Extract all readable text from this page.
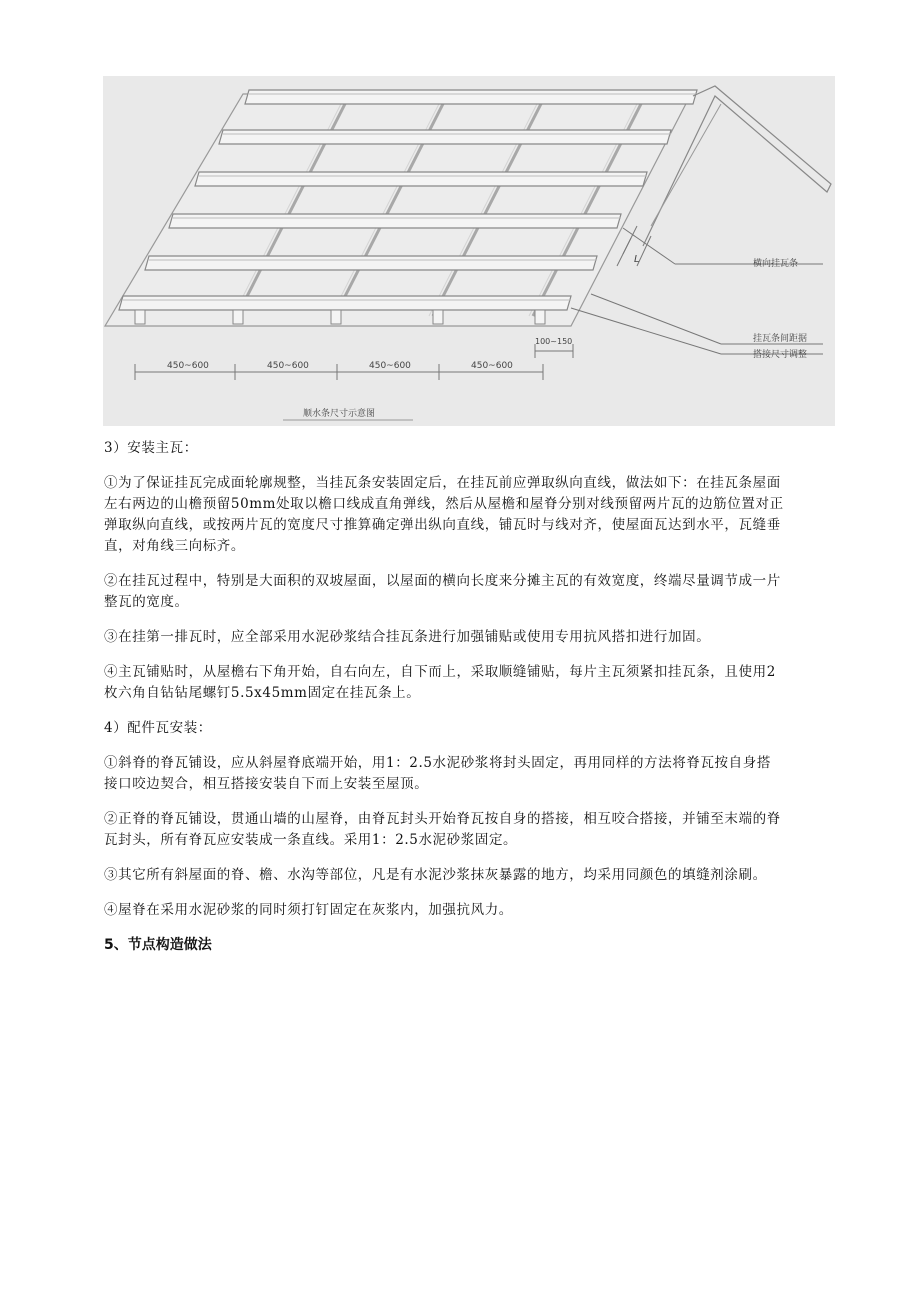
L	横向挂瓦条
挂瓦条间距据
搭接尺寸调整
450~600	450~600	450~600	450~600
100~150
顺水条尺寸示意图

3）安装主瓦：

①为了保证挂瓦完成面轮廓规整，当挂瓦条安装固定后，在挂瓦前应弹取纵向直线，做法如下：在挂瓦条屋面

左右两边的山檐预留50mm处取以檐口线成直角弹线，然后从屋檐和屋脊分别对线预留两片瓦的边筋位置对正

弹取纵向直线，或按两片瓦的宽度尺寸推算确定弹出纵向直线，铺瓦时与线对齐，使屋面瓦达到水平，瓦缝垂

直，对角线三向标齐。

②在挂瓦过程中，特别是大面积的双坡屋面，以屋面的横向长度来分摊主瓦的有效宽度，终端尽量调节成一片

整瓦的宽度。

③在挂第一排瓦时，应全部采用水泥砂浆结合挂瓦条进行加强铺贴或使用专用抗风搭扣进行加固。

④主瓦铺贴时，从屋檐右下角开始，自右向左，自下而上，采取顺缝铺贴，每片主瓦须紧扣挂瓦条，且使用2

枚六角自钻钻尾螺钉5.5x45mm固定在挂瓦条上。

4）配件瓦安装：

①斜脊的脊瓦铺设，应从斜屋脊底端开始，用1：2.5水泥砂浆将封头固定，再用同样的方法将脊瓦按自身搭

接口咬边契合，相互搭接安装自下而上安装至屋顶。

②正脊的脊瓦铺设，贯通山墙的山屋脊，由脊瓦封头开始脊瓦按自身的搭接，相互咬合搭接，并铺至末端的脊

瓦封头，所有脊瓦应安装成一条直线。采用1：2.5水泥砂浆固定。

③其它所有斜屋面的脊、檐、水沟等部位，凡是有水泥沙浆抹灰暴露的地方，均采用同颜色的填缝剂涂刷。

④屋脊在采用水泥砂浆的同时须打钉固定在灰浆内，加强抗风力。

5、节点构造做法
